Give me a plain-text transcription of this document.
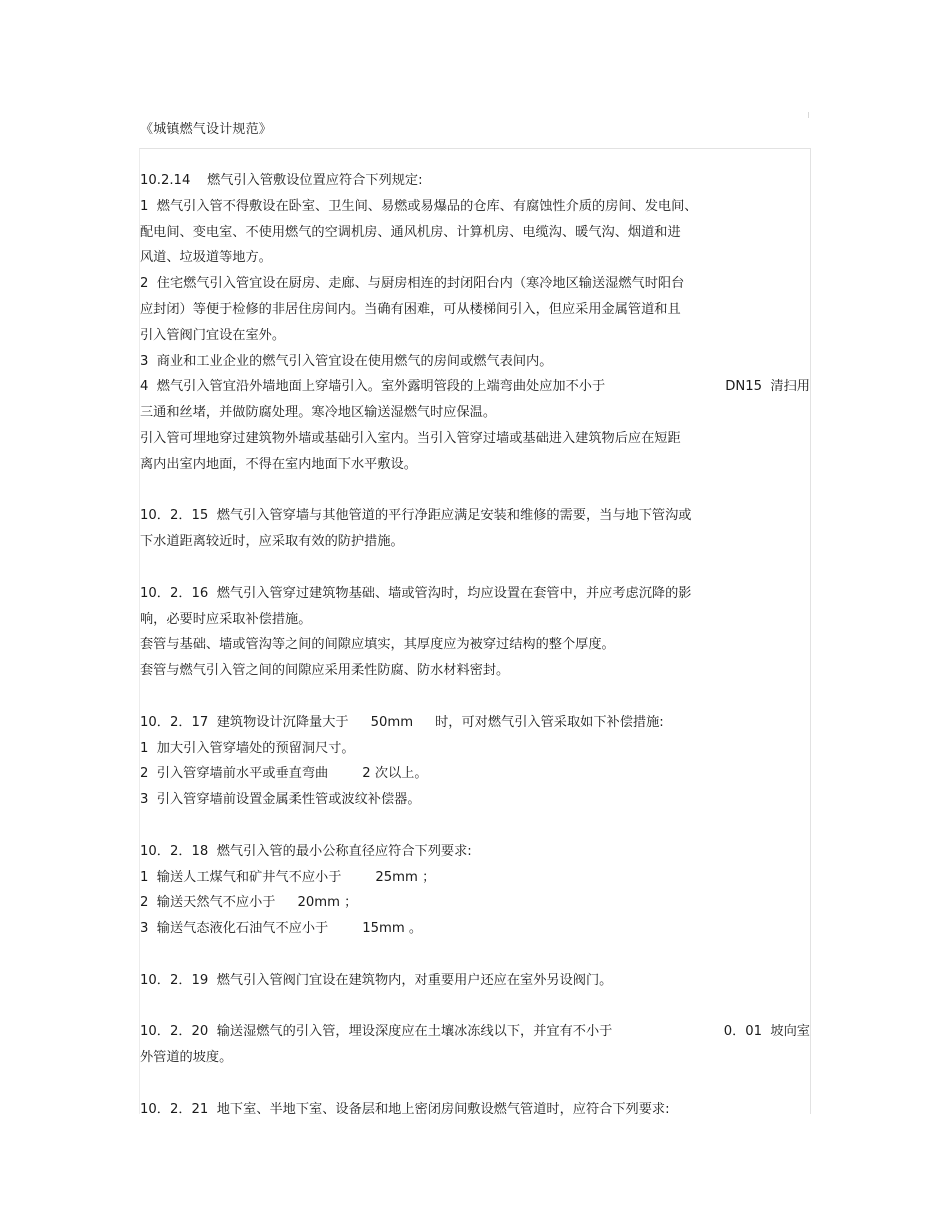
《城镇燃气设计规范》
10.2.14    燃气引入管敷设位置应符合下列规定:
1  燃气引入管不得敷设在卧室、卫生间、易燃或易爆品的仓库、有腐蚀性介质的房间、发电间、
配电间、变电室、不使用燃气的空调机房、通风机房、计算机房、电缆沟、暖气沟、烟道和进
风道、垃圾道等地方。
2  住宅燃气引入管宜设在厨房、走廊、与厨房相连的封闭阳台内（寒冷地区输送湿燃气时阳台
应封闭）等便于检修的非居住房间内。当确有困难，可从楼梯间引入，但应采用金属管道和且
引入管阀门宜设在室外。
3  商业和工业企业的燃气引入管宜设在使用燃气的房间或燃气表间内。
4  燃气引入管宜沿外墙地面上穿墙引入。室外露明管段的上端弯曲处应加不小于	DN15  清扫用
三通和丝堵，并做防腐处理。寒冷地区输送湿燃气时应保温。
引入管可埋地穿过建筑物外墙或基础引入室内。当引入管穿过墙或基础进入建筑物后应在短距
离内出室内地面，不得在室内地面下水平敷设。
10．2．15  燃气引入管穿墙与其他管道的平行净距应满足安装和维修的需要，当与地下管沟或
下水道距离较近时，应采取有效的防护措施。
10．2．16  燃气引入管穿过建筑物基础、墙或管沟时，均应设置在套管中，并应考虑沉降的影
响，必要时应采取补偿措施。
套管与基础、墙或管沟等之间的间隙应填实，其厚度应为被穿过结构的整个厚度。
套管与燃气引入管之间的间隙应采用柔性防腐、防水材料密封。
10．2．17  建筑物设计沉降量大于 50mm 时，可对燃气引入管采取如下补偿措施:
1  加大引入管穿墙处的预留洞尺寸。
2  引入管穿墙前水平或垂直弯曲	2 次以上。
3  引入管穿墙前设置金属柔性管或波纹补偿器。
10．2．18  燃气引入管的最小公称直径应符合下列要求:
1  输送人工煤气和矿井气不应小于	25mm ；
2  输送天然气不应小于 20mm ；
3  输送气态液化石油气不应小于	15mm 。
10．2．19  燃气引入管阀门宜设在建筑物内，对重要用户还应在室外另设阀门。
10．2．20  输送湿燃气的引入管，埋设深度应在土壤冰冻线以下，并宜有不小于	0．01  坡向室
外管道的坡度。
10．2．21  地下室、半地下室、设备层和地上密闭房间敷设燃气管道时，应符合下列要求:
